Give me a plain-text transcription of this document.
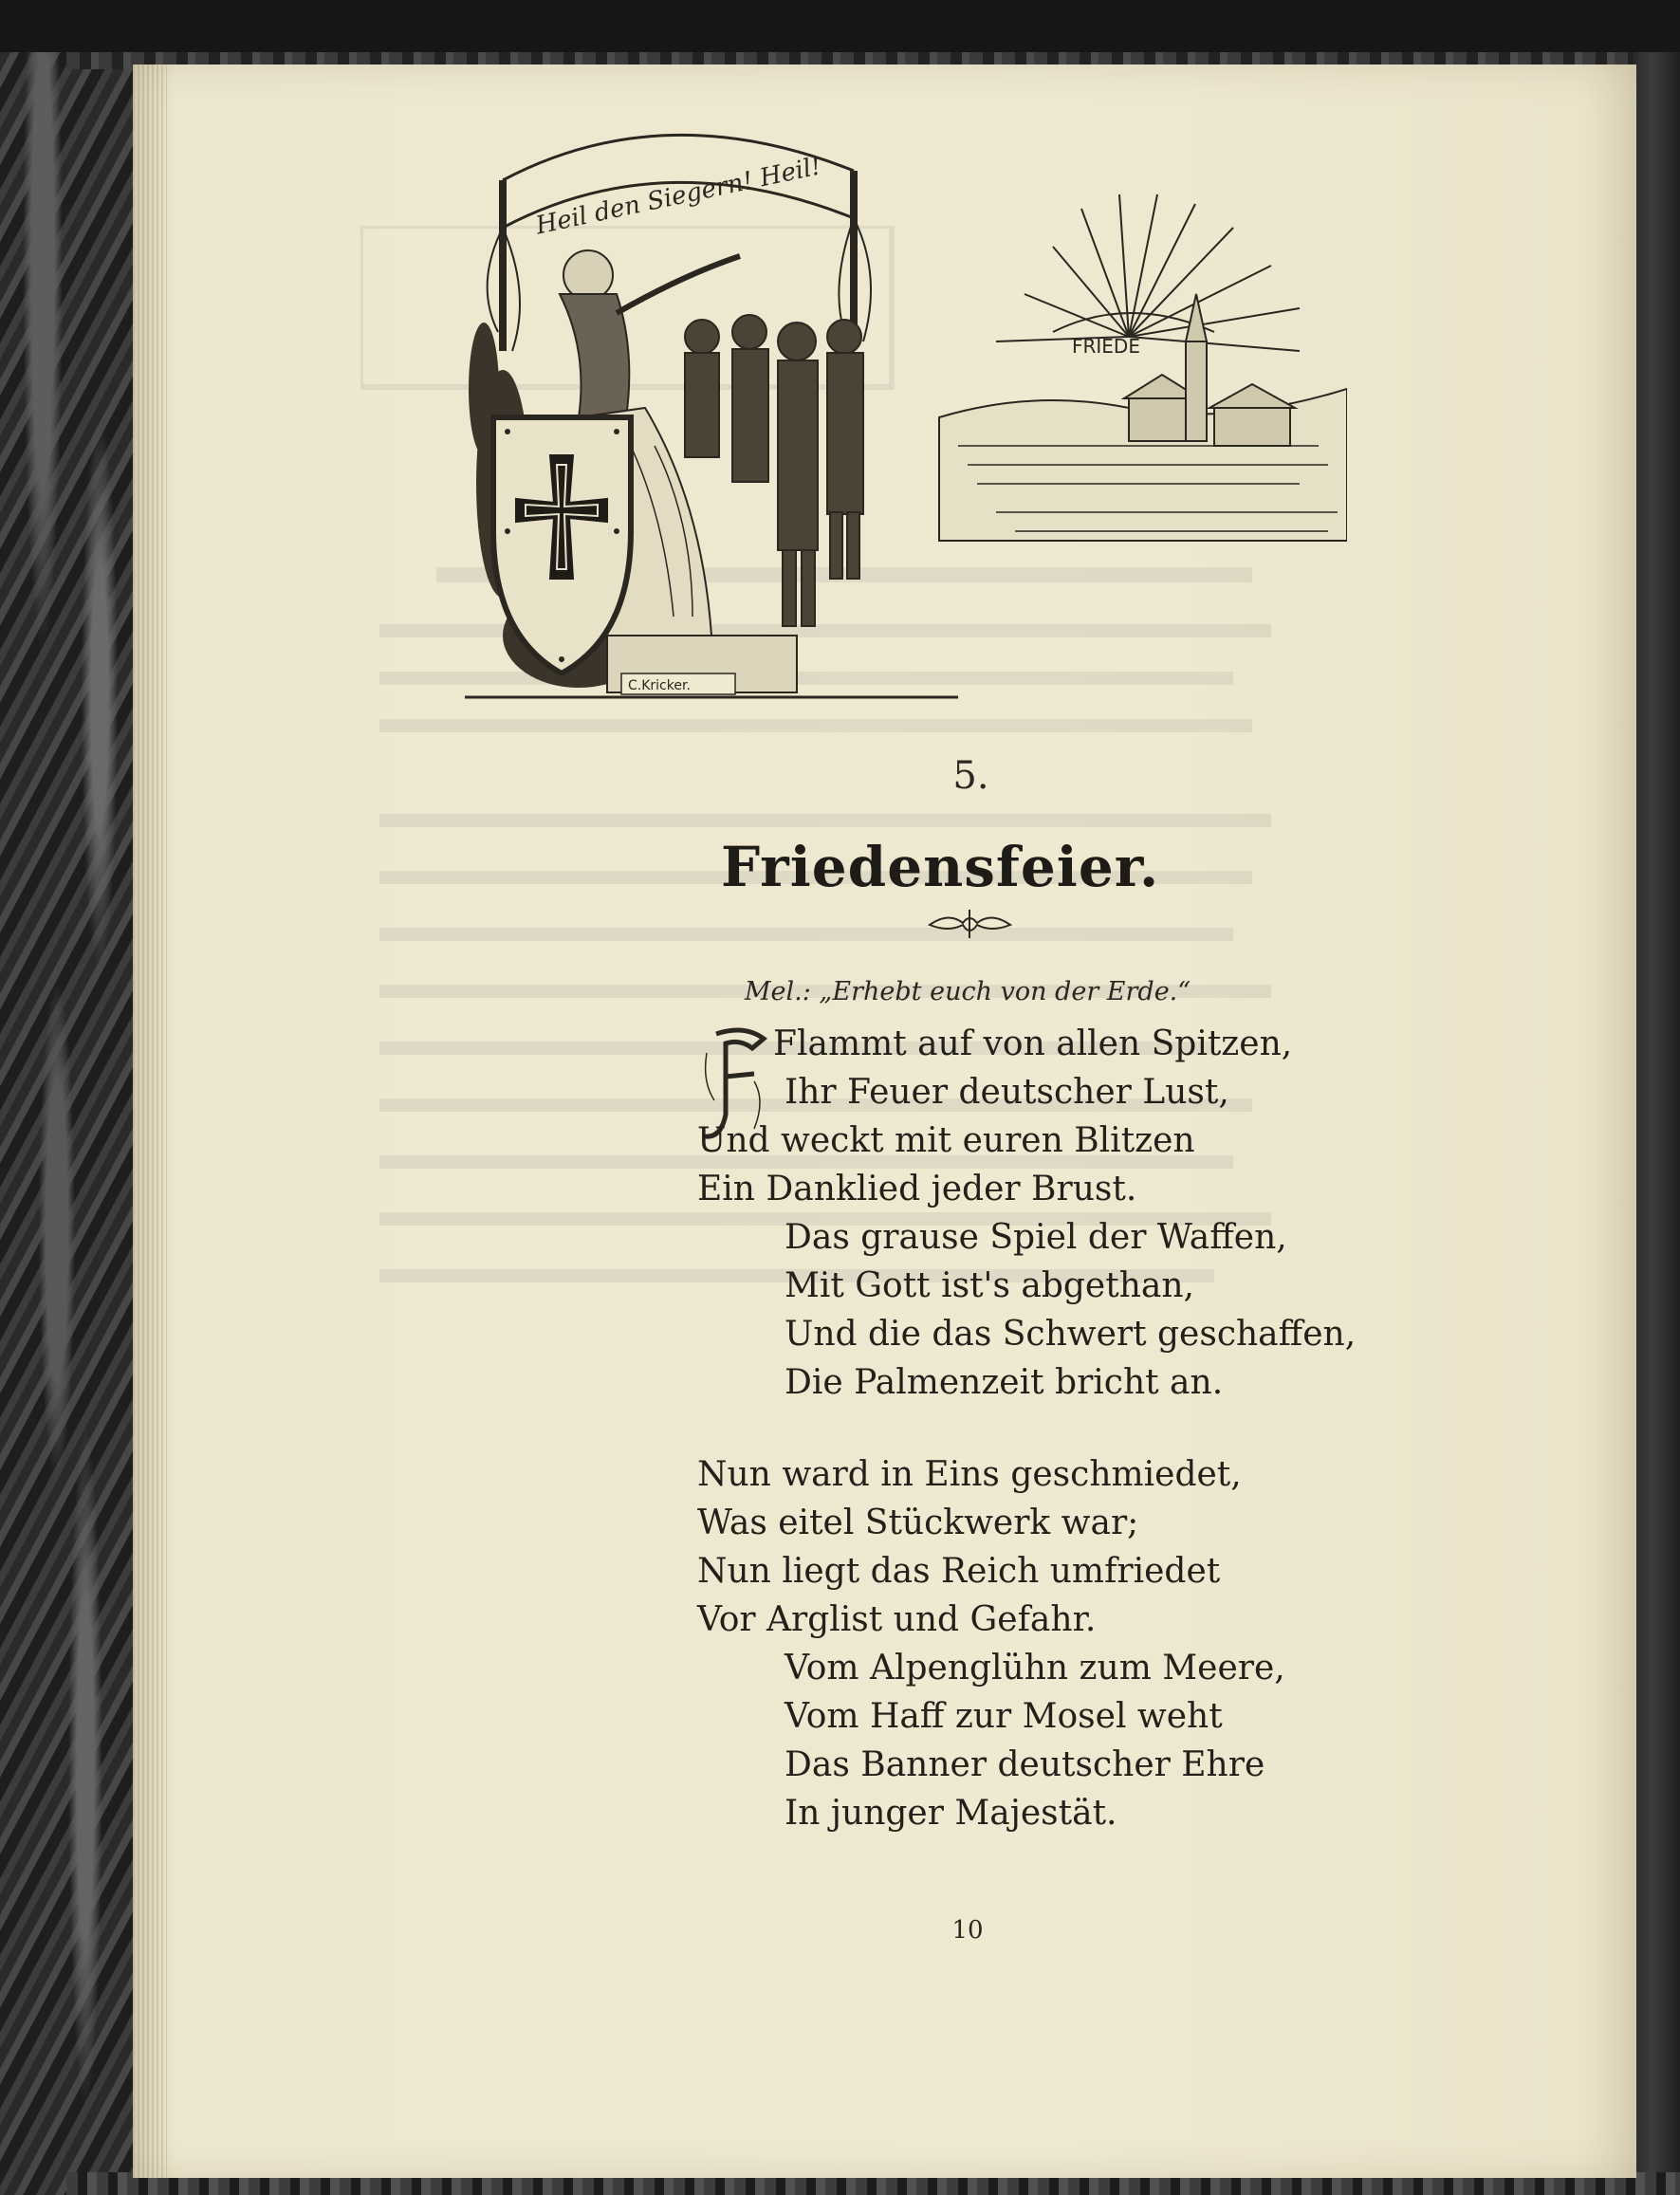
FRIEDE
Heil den Siegern! Heil!
C.Kricker.
5.
Friedensfeier.
Mel.: „Erhebt euch von der Erde.“
Flammt auf von allen Spitzen,
Ihr Feuer deutscher Lust,
Und weckt mit euren Blitzen
Ein Danklied jeder Brust.
Das grause Spiel der Waffen,
Mit Gott ist's abgethan,
Und die das Schwert geschaffen,
Die Palmenzeit bricht an.
Nun ward in Eins geschmiedet,
Was eitel Stückwerk war;
Nun liegt das Reich umfriedet
Vor Arglist und Gefahr.
Vom Alpenglühn zum Meere,
Vom Haff zur Mosel weht
Das Banner deutscher Ehre
In junger Majestät.
10
